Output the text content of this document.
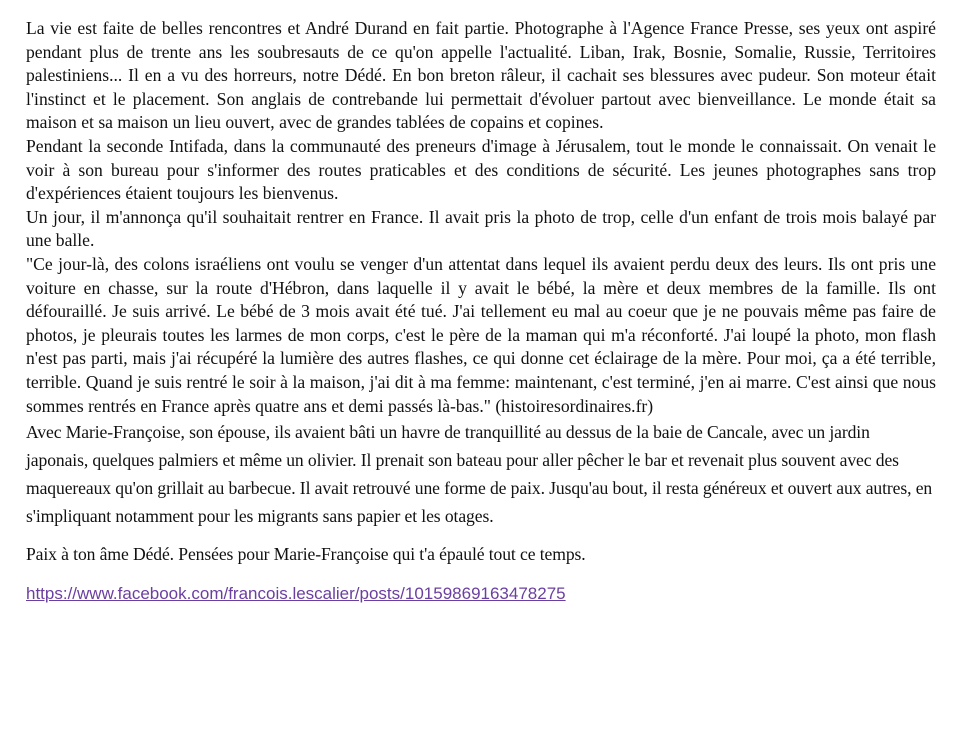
La vie est faite de belles rencontres et André Durand en fait partie. Photographe à l'Agence France Presse, ses yeux ont aspiré pendant plus de trente ans les soubresauts de ce qu'on appelle l'actualité. Liban, Irak, Bosnie, Somalie, Russie, Territoires palestiniens... Il en a vu des horreurs, notre Dédé. En bon breton râleur, il cachait ses blessures avec pudeur. Son moteur était l'instinct et le placement. Son anglais de contrebande lui permettait d'évoluer partout avec bienveillance. Le monde était sa maison et sa maison un lieu ouvert, avec de grandes tablées de copains et copines.

Pendant la seconde Intifada, dans la communauté des preneurs d'image à Jérusalem, tout le monde le connaissait. On venait le voir à son bureau pour s'informer des routes praticables et des conditions de sécurité. Les jeunes photographes sans trop d'expériences étaient toujours les bienvenus.

Un jour, il m'annonça qu'il souhaitait rentrer en France. Il avait pris la photo de trop, celle d'un enfant de trois mois balayé par une balle.

"Ce jour-là, des colons israéliens ont voulu se venger d'un attentat dans lequel ils avaient perdu deux des leurs. Ils ont pris une voiture en chasse, sur la route d'Hébron, dans laquelle il y avait le bébé, la mère et deux membres de la famille. Ils ont défouraillé. Je suis arrivé. Le bébé de 3 mois avait été tué. J'ai tellement eu mal au coeur que je ne pouvais même pas faire de photos, je pleurais toutes les larmes de mon corps, c'est le père de la maman qui m'a réconforté. J'ai loupé la photo, mon flash n'est pas parti, mais j'ai récupéré la lumière des autres flashes, ce qui donne cet éclairage de la mère. Pour moi, ça a été terrible, terrible. Quand je suis rentré le soir à la maison, j'ai dit à ma femme: maintenant, c'est terminé, j'en ai marre. C'est ainsi que nous sommes rentrés en France après quatre ans et demi passés là-bas." (histoiresordinaires.fr)

Avec Marie-Françoise, son épouse, ils avaient bâti un havre de tranquillité au dessus de la baie de Cancale, avec un jardin japonais, quelques palmiers et même un olivier. Il prenait son bateau pour aller pêcher le bar et revenait plus souvent avec des maquereaux qu'on grillait au barbecue. Il avait retrouvé une forme de paix. Jusqu'au bout, il resta généreux et ouvert aux autres, en s'impliquant notamment pour les migrants sans papier et les otages.

Paix à ton âme Dédé. Pensées pour Marie-Françoise qui t'a épaulé tout ce temps.

https://www.facebook.com/francois.lescalier/posts/10159869163478275
